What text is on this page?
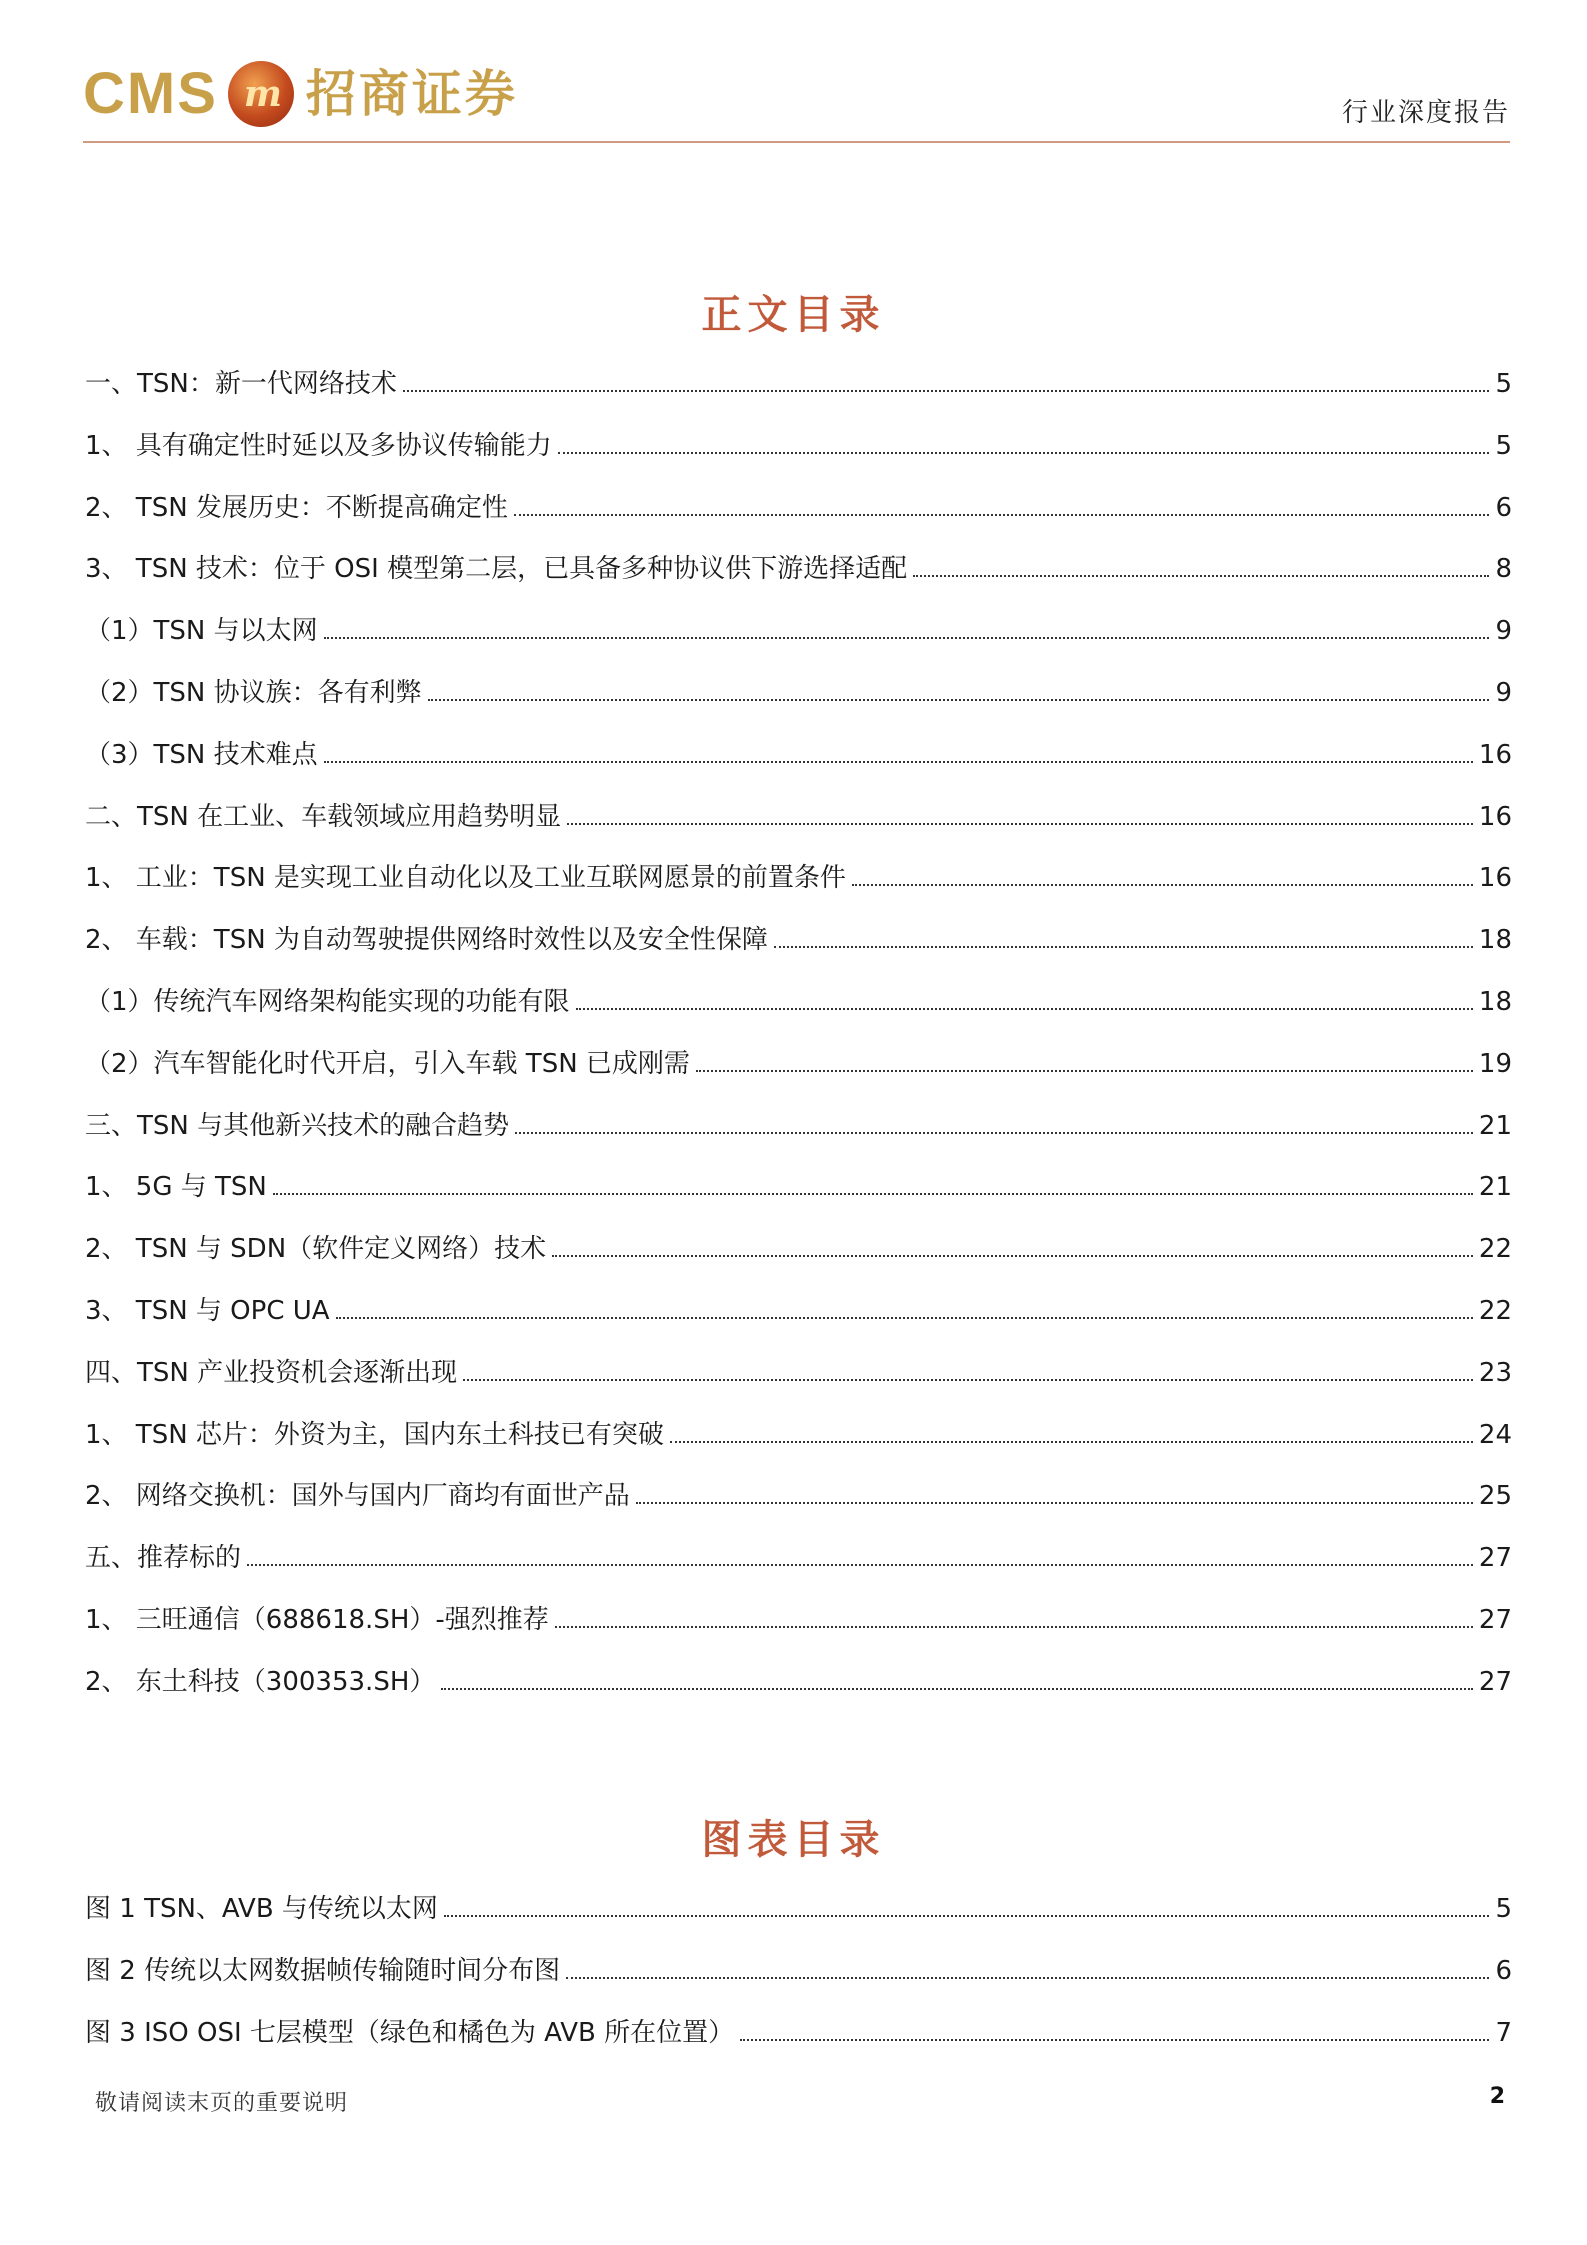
CMS m 招商证券	行业深度报告
正文目录
一、TSN：新一代网络技术	5
1、 具有确定性时延以及多协议传输能力	5
2、 TSN 发展历史：不断提高确定性	6
3、 TSN 技术：位于 OSI 模型第二层，已具备多种协议供下游选择适配	8
（1）TSN 与以太网	9
（2）TSN 协议族：各有利弊	9
（3）TSN 技术难点	16
二、TSN 在工业、车载领域应用趋势明显	16
1、 工业：TSN 是实现工业自动化以及工业互联网愿景的前置条件	16
2、 车载：TSN 为自动驾驶提供网络时效性以及安全性保障	18
（1）传统汽车网络架构能实现的功能有限	18
（2）汽车智能化时代开启，引入车载 TSN 已成刚需	19
三、TSN 与其他新兴技术的融合趋势	21
1、 5G 与 TSN	21
2、 TSN 与 SDN（软件定义网络）技术	22
3、 TSN 与 OPC UA	22
四、TSN 产业投资机会逐渐出现	23
1、 TSN 芯片：外资为主，国内东土科技已有突破	24
2、 网络交换机：国外与国内厂商均有面世产品	25
五、推荐标的	27
1、 三旺通信（688618.SH）-强烈推荐	27
2、 东土科技（300353.SH）	27
图表目录
图 1 TSN、AVB 与传统以太网	5
图 2 传统以太网数据帧传输随时间分布图	6
图 3 ISO OSI 七层模型（绿色和橘色为 AVB 所在位置）	7
敬请阅读末页的重要说明	2
